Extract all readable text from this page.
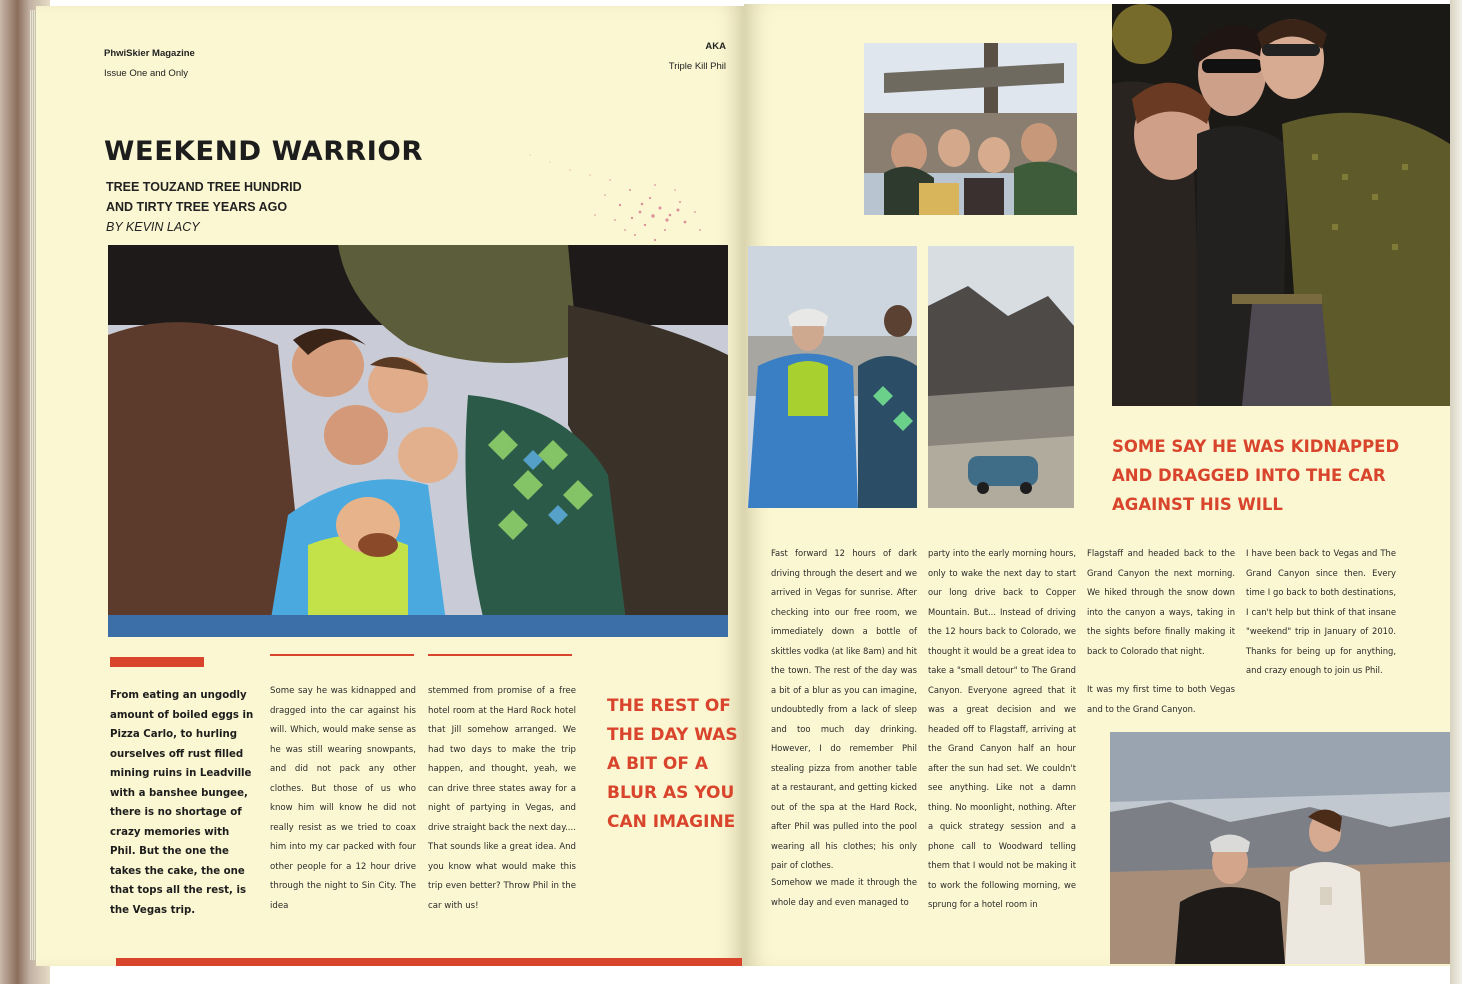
PhwiSkier Magazine
Issue One and Only
AKA
Triple Kill Phil
WEEKEND WARRIOR
TREE TOUZAND TREE HUNDRID
AND TIRTY TREE YEARS AGO
BY KEVIN LACY
From eating an ungodly amount of boiled eggs in Pizza Carlo, to hurling ourselves off rust filled mining ruins in Leadville with a banshee bungee, there is no shortage of crazy memories with Phil. But the one the takes the cake, the one that tops all the rest, is the Vegas trip.
Some say he was kidnapped and dragged into the car against his will. Which, would make sense as he was still wearing snowpants, and did not pack any other clothes. But those of us who know him will know he did not really resist as we tried to coax him into my car packed with four other people for a 12 hour drive through the night to Sin City. The idea
stemmed from promise of a free hotel room at the Hard Rock hotel that Jill somehow arranged. We had two days to make the trip happen, and thought, yeah, we can drive three states away for a night of partying in Vegas, and drive straight back the next day.... That sounds like a great idea. And you know what would make this trip even better? Throw Phil in the car with us!
THE REST OF THE DAY WAS A BIT OF A BLUR AS YOU CAN IMAGINE
SOME SAY HE WAS KIDNAPPED AND DRAGGED INTO THE CAR AGAINST HIS WILL
Fast forward 12 hours of dark driving through the desert and we arrived in Vegas for sunrise. After checking into our free room, we immediately down a bottle of skittles vodka (at like 8am) and hit the town. The rest of the day was a bit of a blur as you can imagine, undoubtedly from a lack of sleep and too much day drinking. However, I do remember Phil stealing pizza from another table at a restaurant, and getting kicked out of the spa at the Hard Rock, after Phil was pulled into the pool wearing all his clothes; his only pair of clothes.
Somehow we made it through the whole day and even managed to
party into the early morning hours, only to wake the next day to start our long drive back to Copper Mountain. But... Instead of driving the 12 hours back to Colorado, we thought it would be a great idea to take a "small detour" to The Grand Canyon. Everyone agreed that it was a great decision and we headed off to Flagstaff, arriving at the Grand Canyon half an hour after the sun had set. We couldn't see anything. Like not a damn thing. No moonlight, nothing. After a quick strategy session and a phone call to Woodward telling them that I would not be making it to work the following morning, we sprung for a hotel room in
Flagstaff and headed back to the Grand Canyon the next morning. We hiked through the snow down into the canyon a ways, taking in the sights before finally making it back to Colorado that night.
It was my first time to both Vegas and to the Grand Canyon.
I have been back to Vegas and The Grand Canyon since then. Every time I go back to both destinations, I can't help but think of that insane "weekend" trip in January of 2010. Thanks for being up for anything, and crazy enough to join us Phil.
